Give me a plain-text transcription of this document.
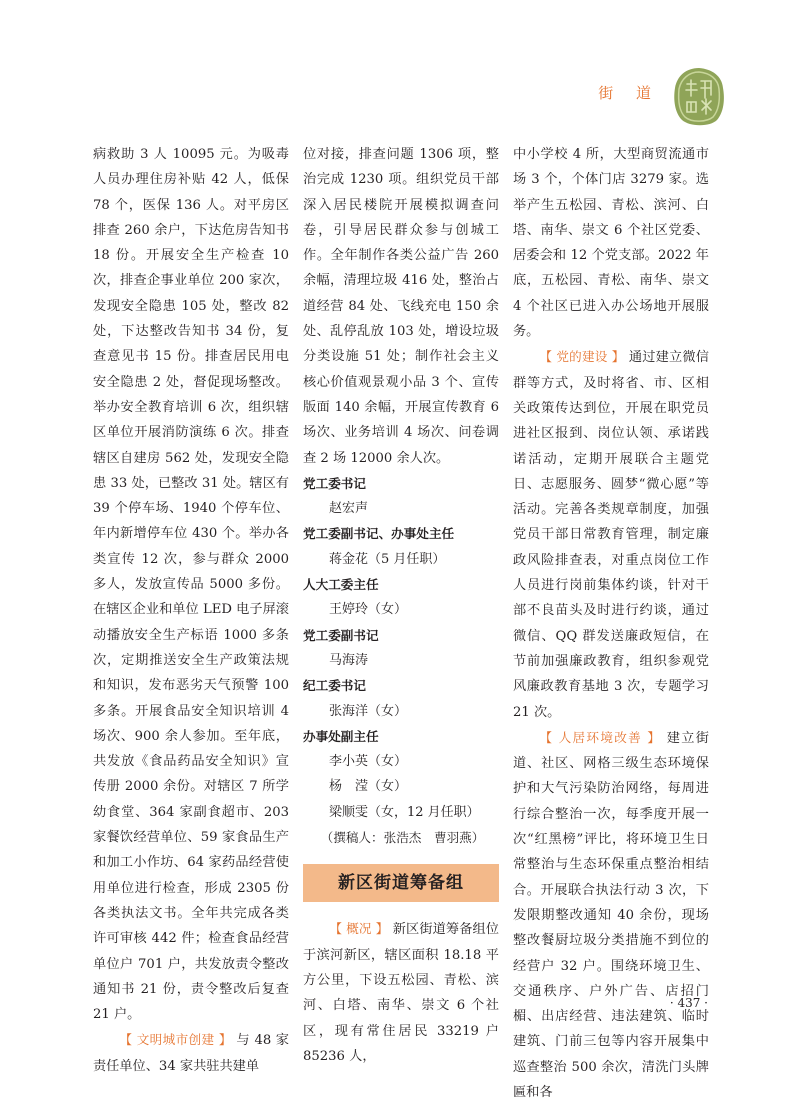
街 道

病救助 3 人 10095 元。为吸毒人员办理住房补贴 42 人，低保 78 个，医保 136 人。对平房区排查 260 余户，下达危房告知书 18 份。开展安全生产检查 10 次，排查企事业单位 200 家次，发现安全隐患 105 处，整改 82 处，下达整改告知书 34 份，复查意见书 15 份。排查居民用电安全隐患 2 处，督促现场整改。举办安全教育培训 6 次，组织辖区单位开展消防演练 6 次。排查辖区自建房 562 处，发现安全隐患 33 处，已整改 31 处。辖区有 39 个停车场、1940 个停车位、年内新增停车位 430 个。举办各类宣传 12 次，参与群众 2000 多人，发放宣传品 5000 多份。在辖区企业和单位 LED 电子屏滚动播放安全生产标语 1000 多条次，定期推送安全生产政策法规和知识，发布恶劣天气预警 100 多条。开展食品安全知识培训 4 场次、900 余人参加。至年底，共发放《食品药品安全知识》宣传册 2000 余份。对辖区 7 所学幼食堂、364 家副食超市、203 家餐饮经营单位、59 家食品生产和加工小作坊、64 家药品经营使用单位进行检查，形成 2305 份各类执法文书。全年共完成各类许可审核 442 件；检查食品经营单位户 701 户，共发放责令整改通知书 21 份，责令整改后复查 21 户。

【 文明城市创建 】 与 48 家责任单位、34 家共驻共建单

位对接，排查问题 1306 项，整治完成 1230 项。组织党员干部深入居民楼院开展模拟调查问卷，引导居民群众参与创城工作。全年制作各类公益广告 260 余幅，清理垃圾 416 处，整治占道经营 84 处、飞线充电 150 余处、乱停乱放 103 处，增设垃圾分类设施 51 处；制作社会主义核心价值观景观小品 3 个、宣传版面 140 余幅，开展宣传教育 6 场次、业务培训 4 场次、问卷调查 2 场 12000 余人次。

党工委书记

赵宏声

党工委副书记、办事处主任

蒋金花（5 月任职）

人大工委主任

王婷玲（女）

党工委副书记

马海涛

纪工委书记

张海洋（女）

办事处副主任

李小英（女）

杨　滢（女）

梁顺雯（女，12 月任职）

（撰稿人：张浩杰　曹羽燕）

新区街道筹备组

【 概况 】 新区街道筹备组位于滨河新区，辖区面积 18.18 平方公里，下设五松园、青松、滨河、白塔、南华、崇文 6 个社区，现有常住居民 33219 户 85236 人，

中小学校 4 所，大型商贸流通市场 3 个，个体门店 3279 家。选举产生五松园、青松、滨河、白塔、南华、崇文 6 个社区党委、居委会和 12 个党支部。2022 年底，五松园、青松、南华、崇文 4 个社区已进入办公场地开展服务。

【 党的建设 】 通过建立微信群等方式，及时将省、市、区相关政策传达到位，开展在职党员进社区报到、岗位认领、承诺践诺活动，定期开展联合主题党日、志愿服务、圆梦“微心愿”等活动。完善各类规章制度，加强党员干部日常教育管理，制定廉政风险排查表，对重点岗位工作人员进行岗前集体约谈，针对干部不良苗头及时进行约谈，通过微信、QQ 群发送廉政短信，在节前加强廉政教育，组织参观党风廉政教育基地 3 次，专题学习 21 次。

【 人居环境改善 】 建立街道、社区、网格三级生态环境保护和大气污染防治网络，每周进行综合整治一次，每季度开展一次“红黑榜”评比，将环境卫生日常整治与生态环保重点整治相结合。开展联合执法行动 3 次，下发限期整改通知 40 余份，现场整改餐厨垃圾分类措施不到位的经营户 32 户。围绕环境卫生、交通秩序、户外广告、店招门楣、出店经营、违法建筑、临时建筑、门前三包等内容开展集中巡查整治 500 余次，清洗门头牌匾和各

· 437 ·
